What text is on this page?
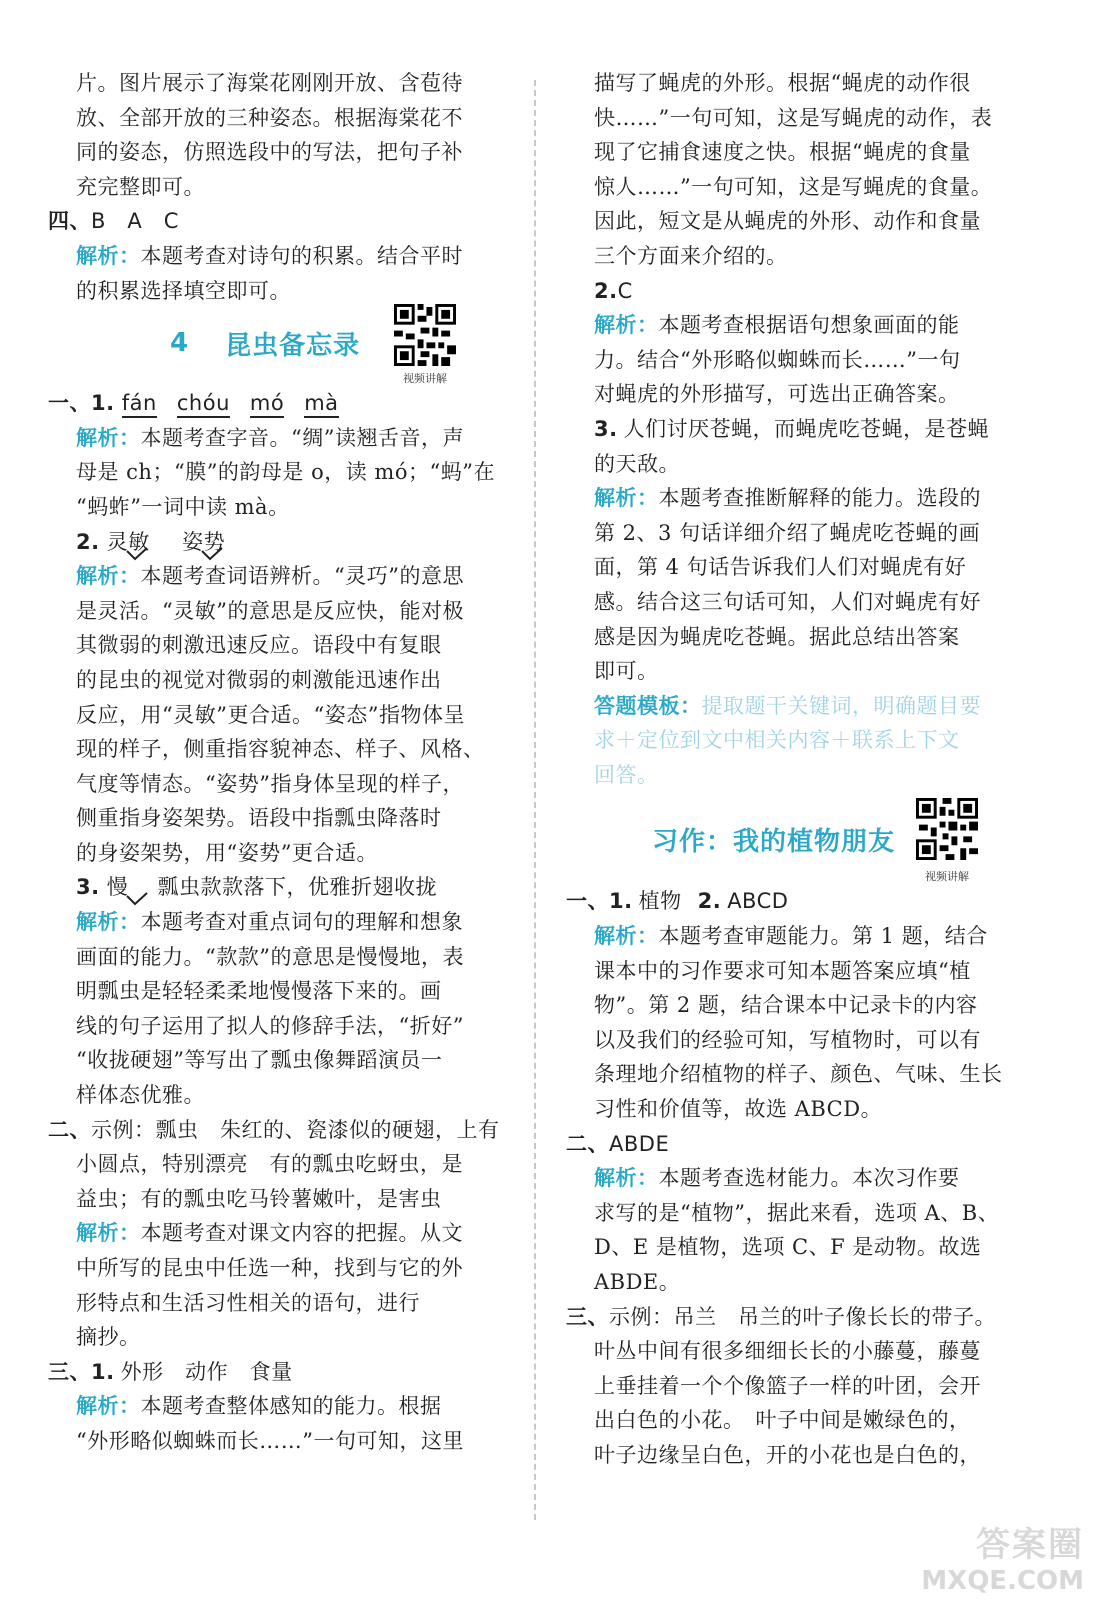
片。图片展示了海棠花刚刚开放、含苞待
放、全部开放的三种姿态。根据海棠花不
同的姿态，仿照选段中的写法，把句子补
充完整即可。
四、B　A　C
解析：本题考查对诗句的积累。结合平时
的积累选择填空即可。
4 昆虫备忘录
视频讲解
一、1. fán chóu mó mà
解析：本题考查字音。“绸”读翘舌音，声
母是 ch；“膜”的韵母是 o，读 mó；“蚂”在
“蚂蚱”一词中读 mà。
2. 灵敏 姿势
解析：本题考查词语辨析。“灵巧”的意思
是灵活。“灵敏”的意思是反应快，能对极
其微弱的刺激迅速反应。语段中有复眼
的昆虫的视觉对微弱的刺激能迅速作出
反应，用“灵敏”更合适。“姿态”指物体呈
现的样子，侧重指容貌神态、样子、风格、
气度等情态。“姿势”指身体呈现的样子，
侧重指身姿架势。语段中指瓢虫降落时
的身姿架势，用“姿势”更合适。
3. 慢 瓢虫款款落下，优雅折翅收拢
解析：本题考查对重点词句的理解和想象
画面的能力。“款款”的意思是慢慢地，表
明瓢虫是轻轻柔柔地慢慢落下来的。画
线的句子运用了拟人的修辞手法，“折好”
“收拢硬翅”等写出了瓢虫像舞蹈演员一
样体态优雅。
二、示例：瓢虫　朱红的、瓷漆似的硬翅，上有
小圆点，特别漂亮　有的瓢虫吃蚜虫，是
益虫；有的瓢虫吃马铃薯嫩叶，是害虫
解析：本题考查对课文内容的把握。从文
中所写的昆虫中任选一种，找到与它的外
形特点和生活习性相关的语句，进行
摘抄。
三、1. 外形　动作　食量
解析：本题考查整体感知的能力。根据
“外形略似蜘蛛而长……”一句可知，这里
描写了蝇虎的外形。根据“蝇虎的动作很
快……”一句可知，这是写蝇虎的动作，表
现了它捕食速度之快。根据“蝇虎的食量
惊人……”一句可知，这是写蝇虎的食量。
因此，短文是从蝇虎的外形、动作和食量
三个方面来介绍的。
2.C
解析：本题考查根据语句想象画面的能
力。结合“外形略似蜘蛛而长……”一句
对蝇虎的外形描写，可选出正确答案。
3. 人们讨厌苍蝇，而蝇虎吃苍蝇，是苍蝇
的天敌。
解析：本题考查推断解释的能力。选段的
第 2、3 句话详细介绍了蝇虎吃苍蝇的画
面，第 4 句话告诉我们人们对蝇虎有好
感。结合这三句话可知，人们对蝇虎有好
感是因为蝇虎吃苍蝇。据此总结出答案
即可。
答题模板：提取题干关键词，明确题目要
求＋定位到文中相关内容＋联系上下文
回答。
习作：我的植物朋友
视频讲解
一、1. 植物 2. ABCD
解析：本题考查审题能力。第 1 题，结合
课本中的习作要求可知本题答案应填“植
物”。第 2 题，结合课本中记录卡的内容
以及我们的经验可知，写植物时，可以有
条理地介绍植物的样子、颜色、气味、生长
习性和价值等，故选 ABCD。
二、ABDE
解析：本题考查选材能力。本次习作要
求写的是“植物”，据此来看，选项 A、B、
D、E 是植物，选项 C、F 是动物。故选
ABDE。
三、示例：吊兰　吊兰的叶子像长长的带子。
叶丛中间有很多细细长长的小藤蔓，藤蔓
上垂挂着一个个像篮子一样的叶团，会开
出白色的小花。　叶子中间是嫩绿色的，
叶子边缘呈白色，开的小花也是白色的，
答案圈
MXQE.COM
